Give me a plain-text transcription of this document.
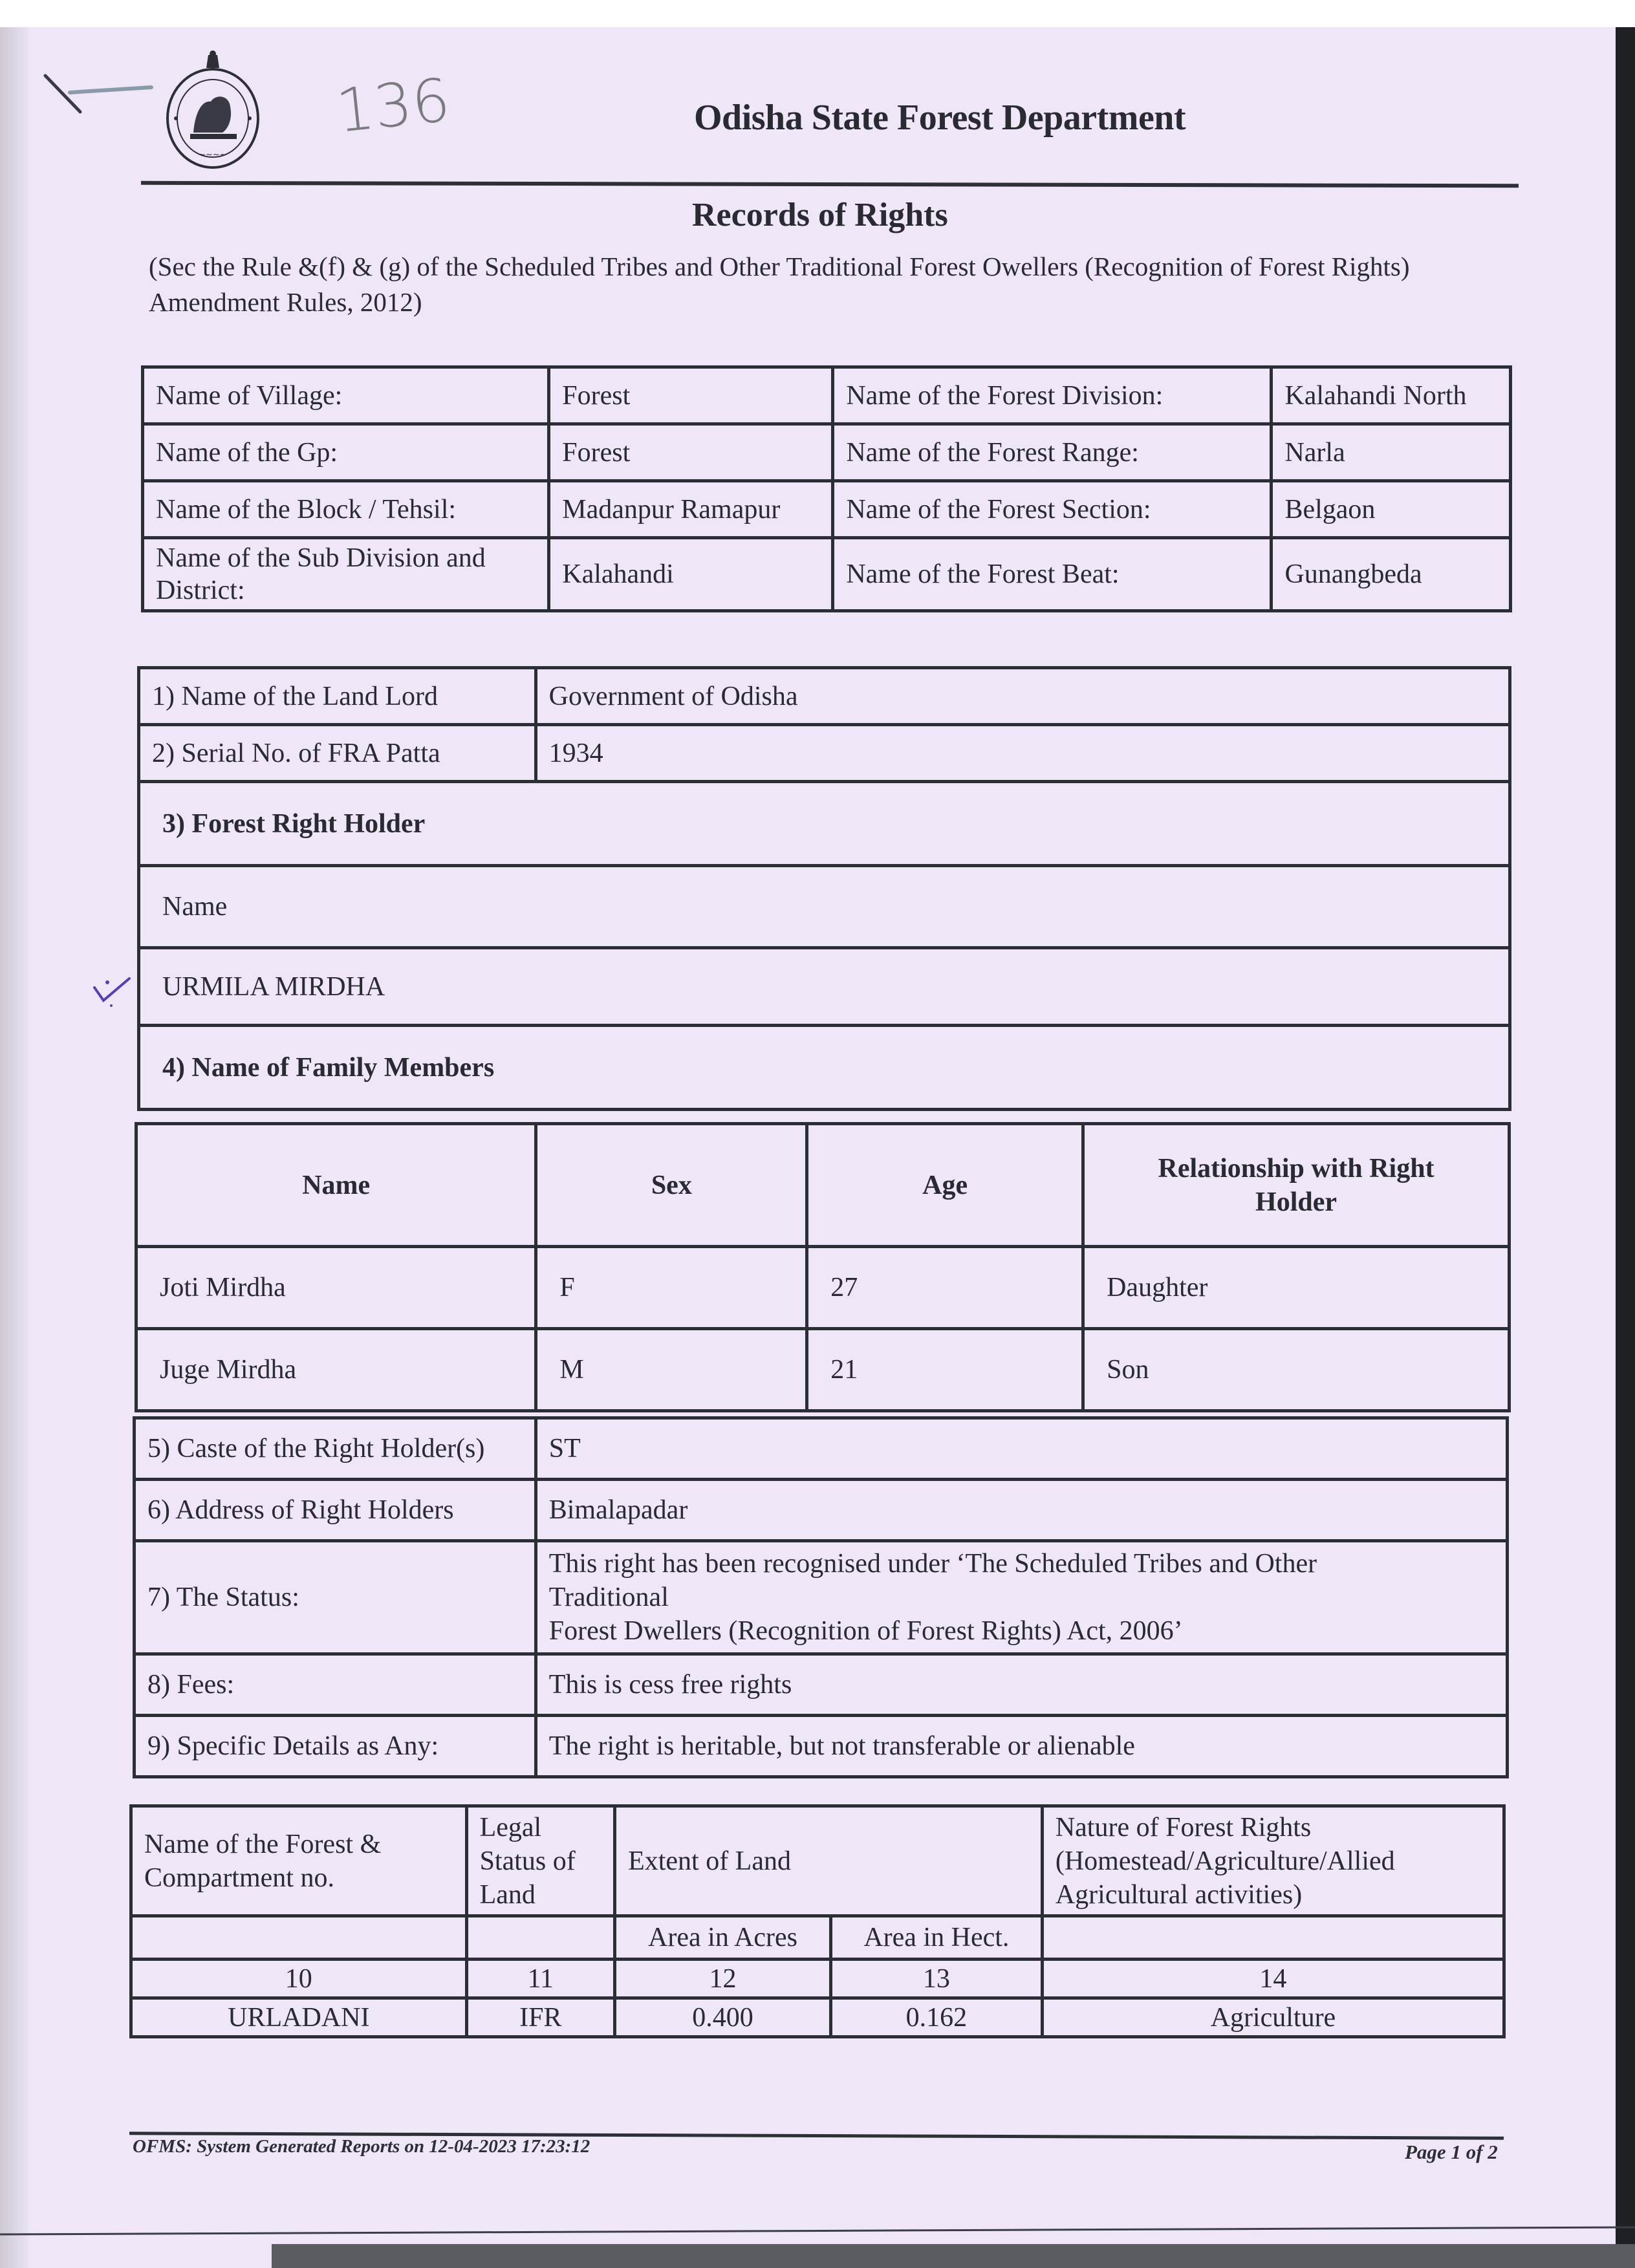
~~~~
136	Odisha State Forest Department
Records of Rights
(Sec the Rule &(f) & (g) of the Scheduled Tribes and Other Traditional Forest Owellers (Recognition of Forest Rights) Amendment Rules, 2012)
Name of Village:	Forest	Name of the Forest Division:	Kalahandi North
Name of the Gp:	Forest	Name of the Forest Range:	Narla
Name of the Block / Tehsil:	Madanpur Ramapur	Name of the Forest Section:	Belgaon
Name of the Sub Division and District:	Kalahandi	Name of the Forest Beat:	Gunangbeda
1) Name of the Land Lord	Government of Odisha
2) Serial No. of FRA Patta	1934
3) Forest Right Holder	
Name	
URMILA MIRDHA	
4) Name of Family Members	
Name	Sex	Age	Relationship with Right Holder
Joti Mirdha	F	27	Daughter
Juge Mirdha	M	21	Son
5) Caste of the Right Holder(s)	ST
6) Address of Right Holders	Bimalapadar
7) The Status:	This right has been recognised under ‘The Scheduled Tribes and Other
Traditional
Forest Dwellers (Recognition of Forest Rights) Act, 2006’

8) Fees:	This is cess free rights
9) Specific Details as Any:	The right is heritable, but not transferable or alienable
Name of the Forest & Compartment no.	Legal Status of Land	Extent of Land		Nature of Forest Rights (Homestead/Agriculture/Allied Agricultural activities)
		Area in Acres	Area in Hect.	
10	11	12	13	14
URLADANI	IFR	0.400	0.162	Agriculture
OFMS: System Generated Reports on 12-04-2023 17:23:12	Page 1 of 2
